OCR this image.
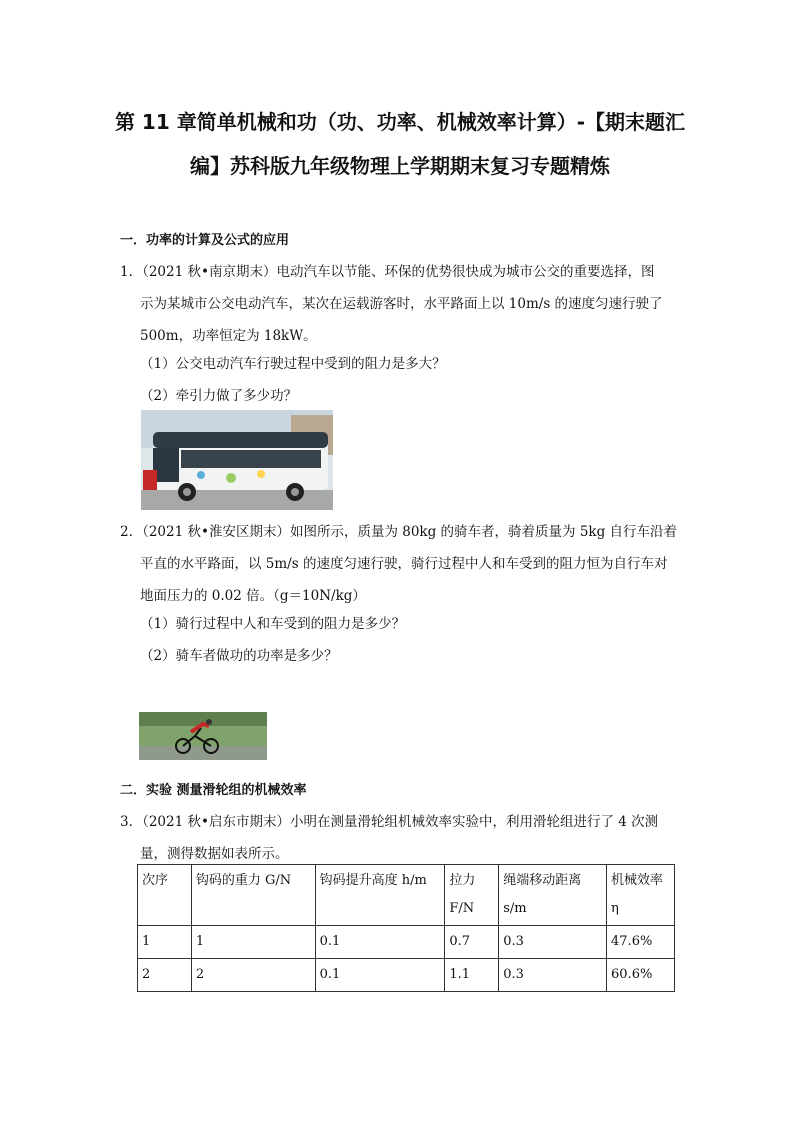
第 11 章简单机械和功（功、功率、机械效率计算）-【期末题汇
编】苏科版九年级物理上学期期末复习专题精炼
一．功率的计算及公式的应用
1．（2021 秋•南京期末）电动汽车以节能、环保的优势很快成为城市公交的重要选择，图

示为某城市公交电动汽车，某次在运载游客时，水平路面上以 10m/s 的速度匀速行驶了
500m，功率恒定为 18kW。
（1）公交电动汽车行驶过程中受到的阻力是多大？
（2）牵引力做了多少功？
2．（2021 秋•淮安区期末）如图所示，质量为 80kg 的骑车者，骑着质量为 5kg 自行车沿着

平直的水平路面，以 5m/s 的速度匀速行驶，骑行过程中人和车受到的阻力恒为自行车对
地面压力的 0.02 倍。（g＝10N/kg）
（1）骑行过程中人和车受到的阻力是多少？
（2）骑车者做功的功率是多少？
二．实验 测量滑轮组的机械效率
3．（2021 秋•启东市期末）小明在测量滑轮组机械效率实验中，利用滑轮组进行了 4 次测

量，测得数据如表所示。
次序	钩码的重力 G/N	钩码提升高度 h/m	拉力 F/N	绳端移动距离 s/m	机械效率 η
1	1	0.1	0.7	0.3	47.6%
2	2	0.1	1.1	0.3	60.6%
